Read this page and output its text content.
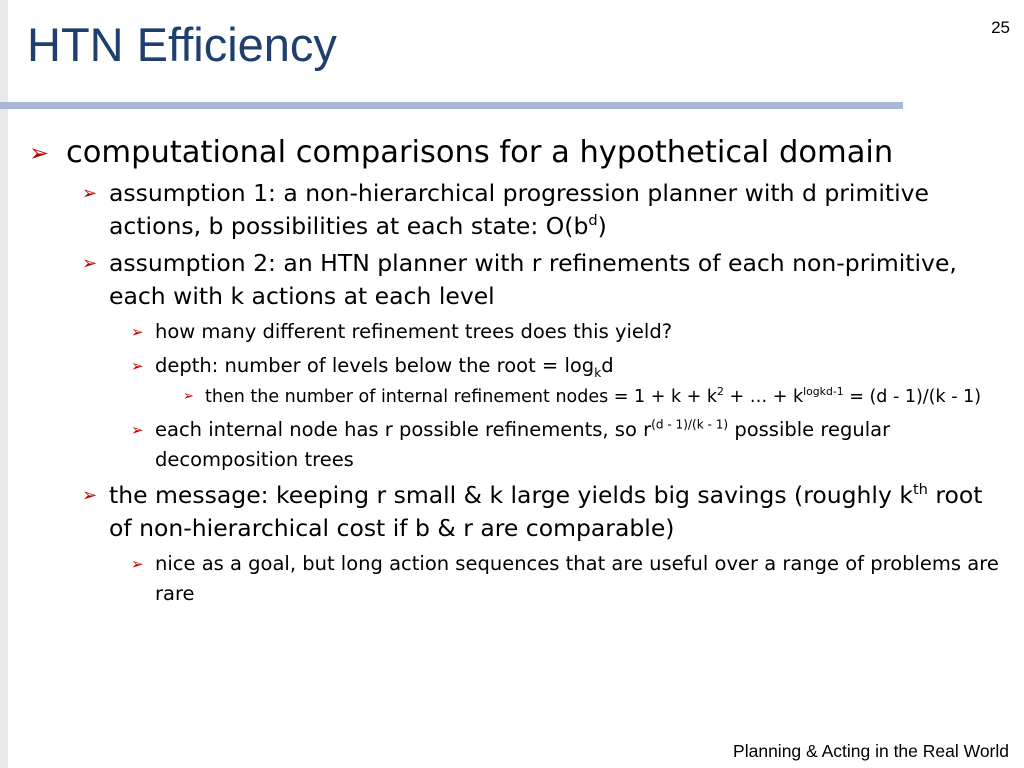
25
HTN Efficiency
➢ computational comparisons for a hypothetical domain
➢ assumption 1: a non-hierarchical progression planner with d primitive actions, b possibilities at each state: $O(b^d)$
➢ assumption 2: an HTN planner with r refinements of each non-primitive, each with k actions at each level
➢ how many different refinement trees does this yield?
➢ depth: number of levels below the root = $\log_kd$
➢ then the number of internal refinement nodes = $1 + k + k^2$ + … + $k^{logkd-1} = (d - 1)/(k - 1)$
➢ each internal node has r possible refinements, so $r^{(d - 1)/(k - 1)}$ possible regular decomposition trees
➢ the message: keeping r small & k large yields big savings (roughly $k^{th}$ root of non-hierarchical cost if b & r are comparable)
➢ nice as a goal, but long action sequences that are useful over a range of problems are rare
Planning & Acting in the Real World
